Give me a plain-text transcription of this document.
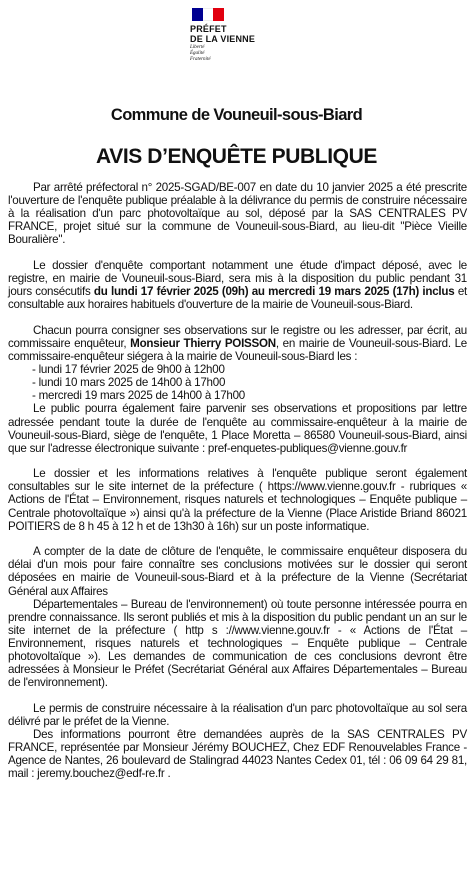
PRÉFET
DE LA VIENNE
Liberté
Égalité
Fraternité
Commune de Vouneuil-sous-Biard
AVIS D’ENQUÊTE PUBLIQUE

Par arrêté préfectoral n° 2025-SGAD/BE-007 en date du 10 janvier 2025 a été prescrite l'ouverture de l'enquête publique préalable à la délivrance du permis de construire nécessaire à la réalisation d'un parc photovoltaïque au sol, déposé par la SAS CENTRALES PV FRANCE, projet situé sur la commune de Vouneuil-sous-Biard, au lieu-dit "Pièce Vieille Bouralière".

Le dossier d'enquête comportant notamment une étude d'impact déposé, avec le registre, en mairie de Vouneuil-sous-Biard, sera mis à la disposition du public pendant 31 jours consécutifs du lundi 17 février 2025 (09h) au mercredi 19 mars 2025 (17h) inclus et consultable aux horaires habituels d'ouverture de la mairie de Vouneuil-sous-Biard.

Chacun pourra consigner ses observations sur le registre ou les adresser, par écrit, au commissaire enquêteur, Monsieur Thierry POISSON, en mairie de Vouneuil-sous-Biard. Le commissaire-enquêteur siégera à la mairie de Vouneuil-sous-Biard les :

- lundi 17 février 2025 de 9h00 à 12h00

- lundi 10 mars 2025 de 14h00 à 17h00

- mercredi 19 mars 2025 de 14h00 à 17h00

Le public pourra également faire parvenir ses observations et propositions par lettre adressée pendant toute la durée de l'enquête au commissaire-enquêteur à la mairie de Vouneuil-sous-Biard, siège de l'enquête, 1 Place Moretta – 86580 Vouneuil-sous-Biard, ainsi que sur l'adresse électronique suivante : pref-enquetes-publiques@vienne.gouv.fr

Le dossier et les informations relatives à l'enquête publique seront également consultables sur le site internet de la préfecture ( https://www.vienne.gouv.fr - rubriques « Actions de l'État – Environnement, risques naturels et technologiques – Enquête publique – Centrale photovoltaïque ») ainsi qu'à la préfecture de la Vienne (Place Aristide Briand 86021 POITIERS de 8 h 45 à 12 h et de 13h30 à 16h) sur un poste informatique.

A compter de la date de clôture de l'enquête, le commissaire enquêteur disposera du délai d'un mois pour faire connaître ses conclusions motivées sur le dossier qui seront déposées en mairie de Vouneuil-sous-Biard et à la préfecture de la Vienne (Secrétariat Général aux Affaires

Départementales – Bureau de l'environnement) où toute personne intéressée pourra en prendre connaissance. Ils seront publiés et mis à la disposition du public pendant un an sur le site internet de la préfecture ( http s ://www.vienne.gouv.fr - « Actions de l'État – Environnement, risques naturels et technologiques – Enquête publique – Centrale photovoltaïque »). Les demandes de communication de ces conclusions devront être adressées à Monsieur le Préfet (Secrétariat Général aux Affaires Départementales – Bureau de l'environnement).

Le permis de construire nécessaire à la réalisation d'un parc photovoltaïque au sol sera délivré par le préfet de la Vienne.

Des informations pourront être demandées auprès de la SAS CENTRALES PV FRANCE, représentée par Monsieur Jérémy BOUCHEZ, Chez EDF Renouvelables France - Agence de Nantes, 26 boulevard de Stalingrad 44023 Nantes Cedex 01, tél : 06 09 64 29 81, mail : jeremy.bouchez@edf-re.fr .
